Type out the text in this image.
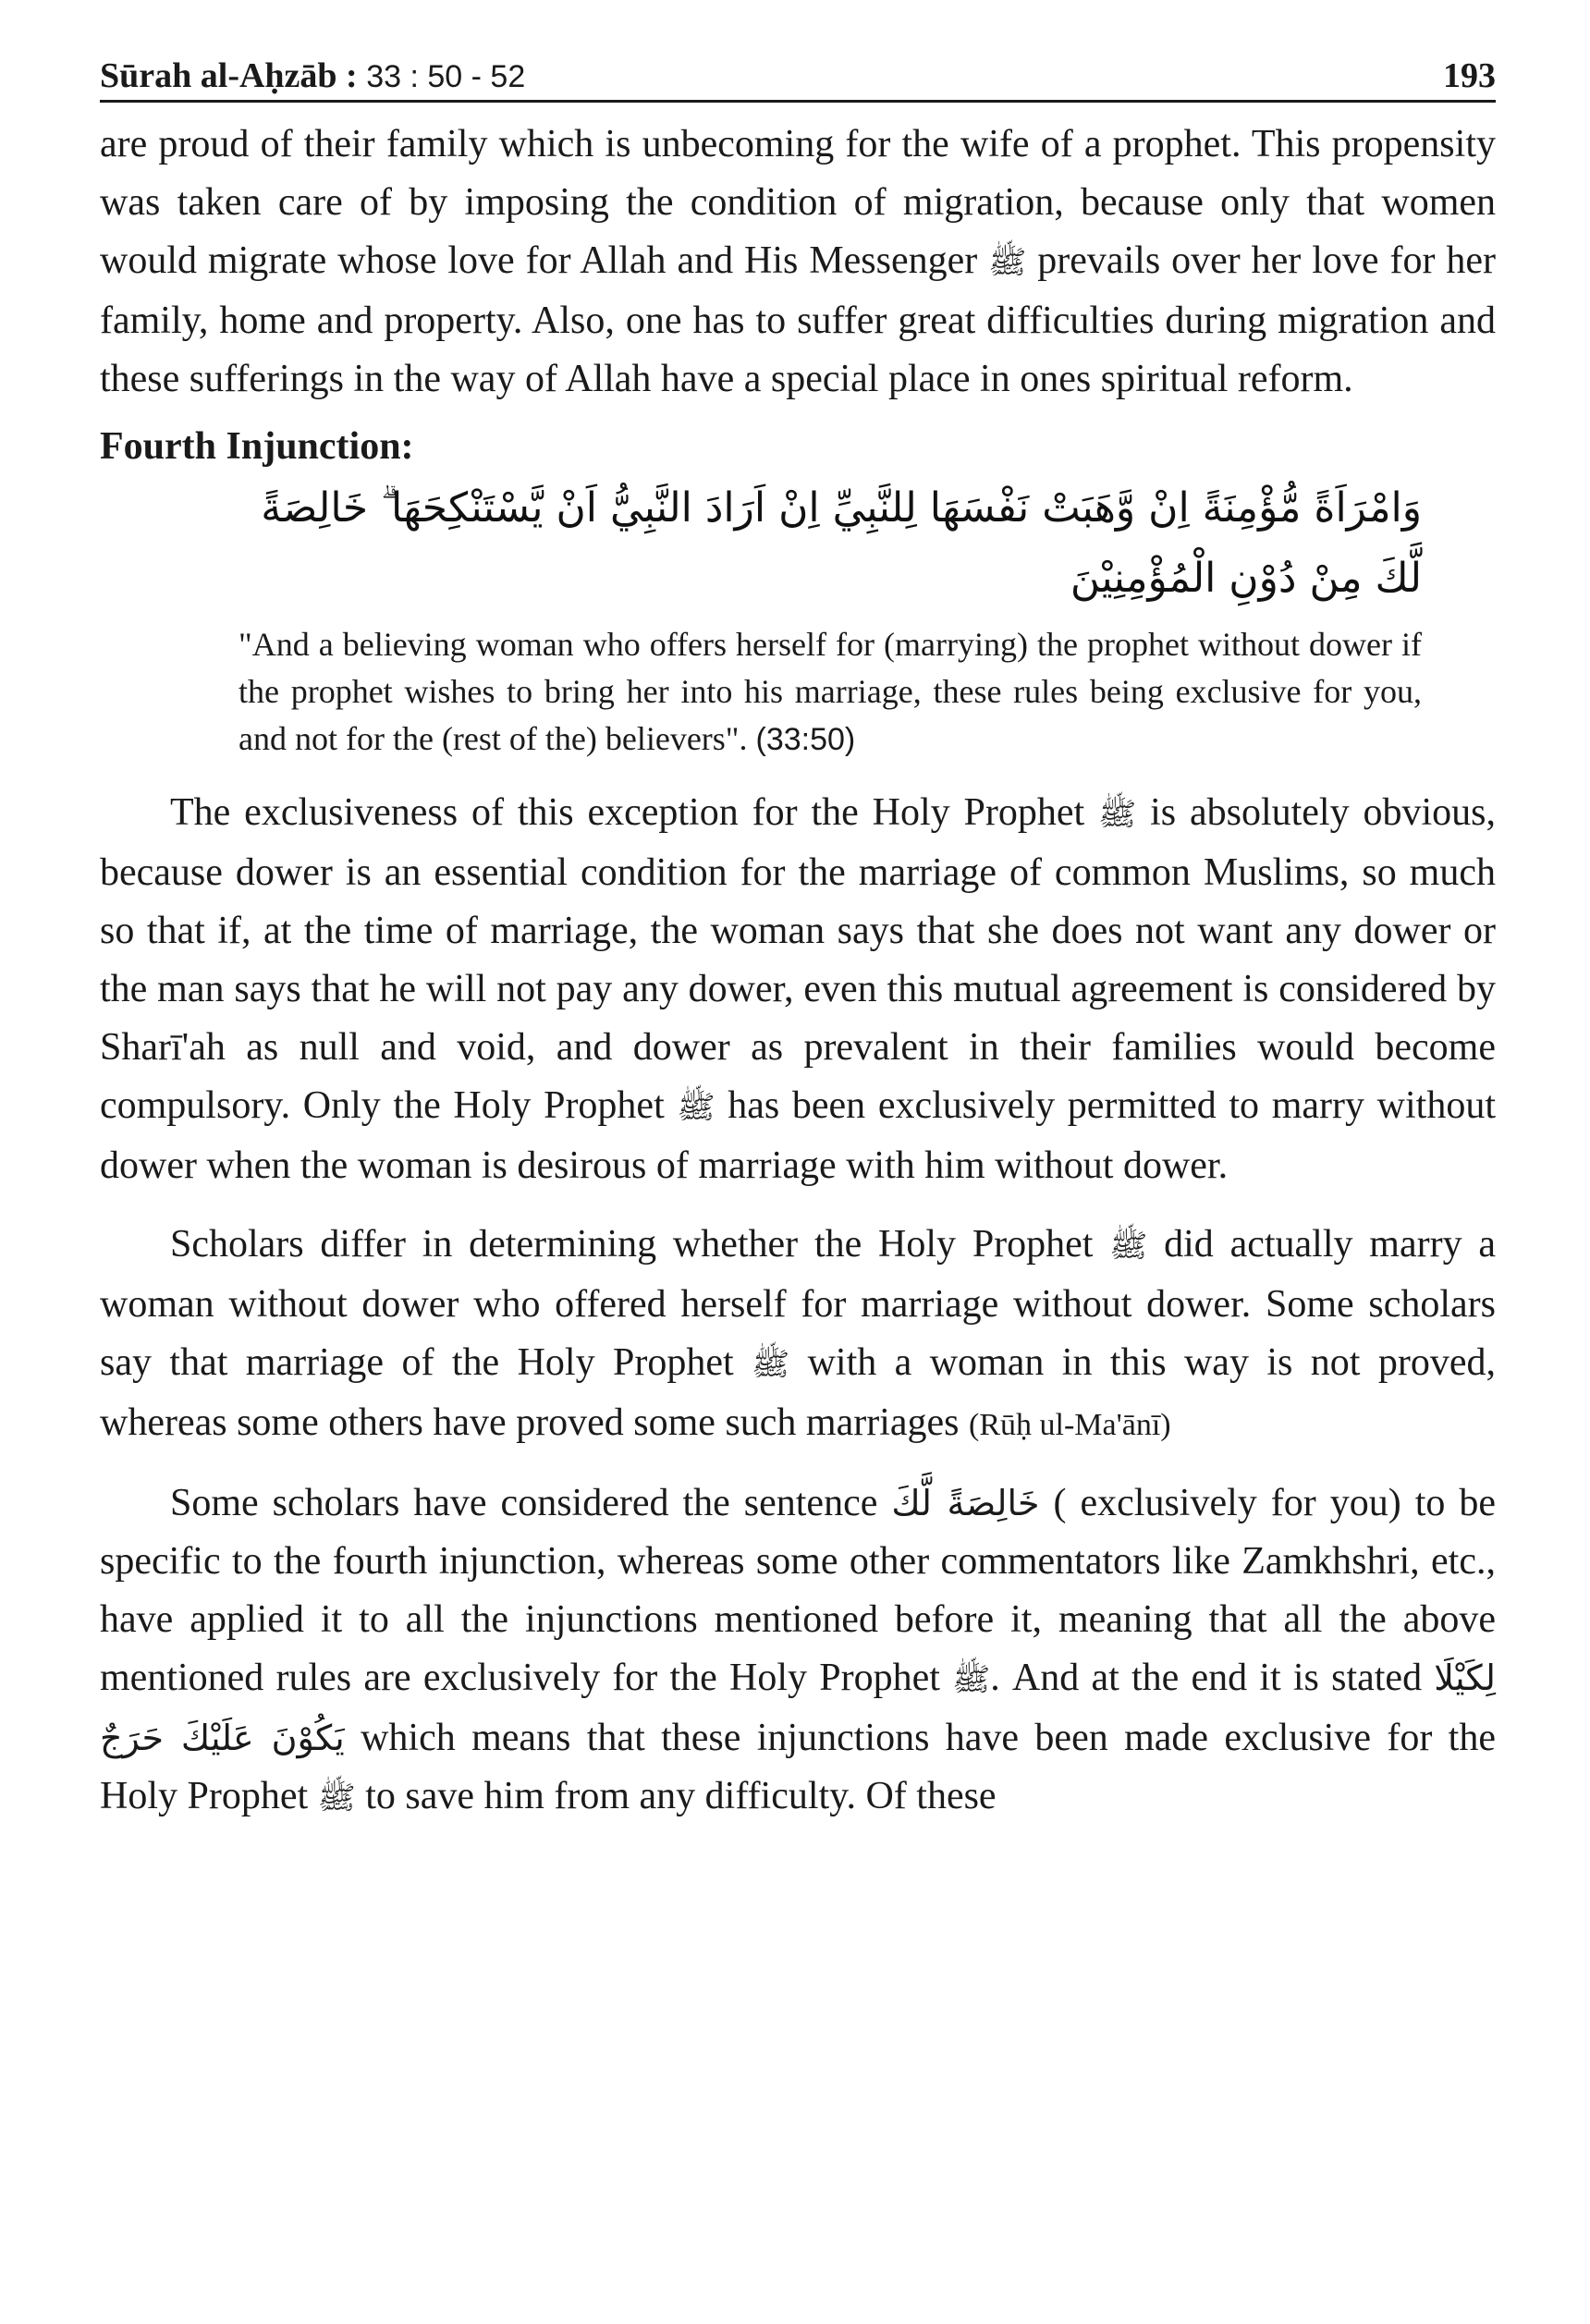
Sūrah al-Aḥzāb : 33 : 50 - 52	193

are proud of their family which is unbecoming for the wife of a prophet. This propensity was taken care of by imposing the condition of migration, because only that women would migrate whose love for Allah and His Messenger ﷺ prevails over her love for her family, home and property. Also, one has to suffer great difficulties during migration and these sufferings in the way of Allah have a special place in ones spiritual reform.

Fourth Injunction:
وَامْرَاَةً مُّؤْمِنَةً اِنْ وَّهَبَتْ نَفْسَهَا لِلنَّبِيِّ اِنْ اَرَادَ النَّبِيُّ اَنْ يَّسْتَنْكِحَهَا ۗ خَالِصَةً لَّكَ مِنْ دُوْنِ الْمُؤْمِنِيْنَ

"And a believing woman who offers herself for (marrying) the prophet without dower if the prophet wishes to bring her into his marriage, these rules being exclusive for you, and not for the (rest of the) believers". (33:50)

The exclusiveness of this exception for the Holy Prophet ﷺ is absolutely obvious, because dower is an essential condition for the marriage of common Muslims, so much so that if, at the time of marriage, the woman says that she does not want any dower or the man says that he will not pay any dower, even this mutual agreement is considered by Sharī'ah as null and void, and dower as prevalent in their families would become compulsory. Only the Holy Prophet ﷺ has been exclusively permitted to marry without dower when the woman is desirous of marriage with him without dower.

Scholars differ in determining whether the Holy Prophet ﷺ did actually marry a woman without dower who offered herself for marriage without dower. Some scholars say that marriage of the Holy Prophet ﷺ with a woman in this way is not proved, whereas some others have proved some such marriages (Rūḥ ul-Ma'ānī)

Some scholars have considered the sentence خَالِصَةً لَّكَ ( exclusively for you) to be specific to the fourth injunction, whereas some other commentators like Zamkhshri, etc., have applied it to all the injunctions mentioned before it, meaning that all the above mentioned rules are exclusively for the Holy Prophet ﷺ. And at the end it is stated لِكَيْلَا يَكُوْنَ عَلَيْكَ حَرَجٌ which means that these injunctions have been made exclusive for the Holy Prophet ﷺ to save him from any difficulty. Of these
